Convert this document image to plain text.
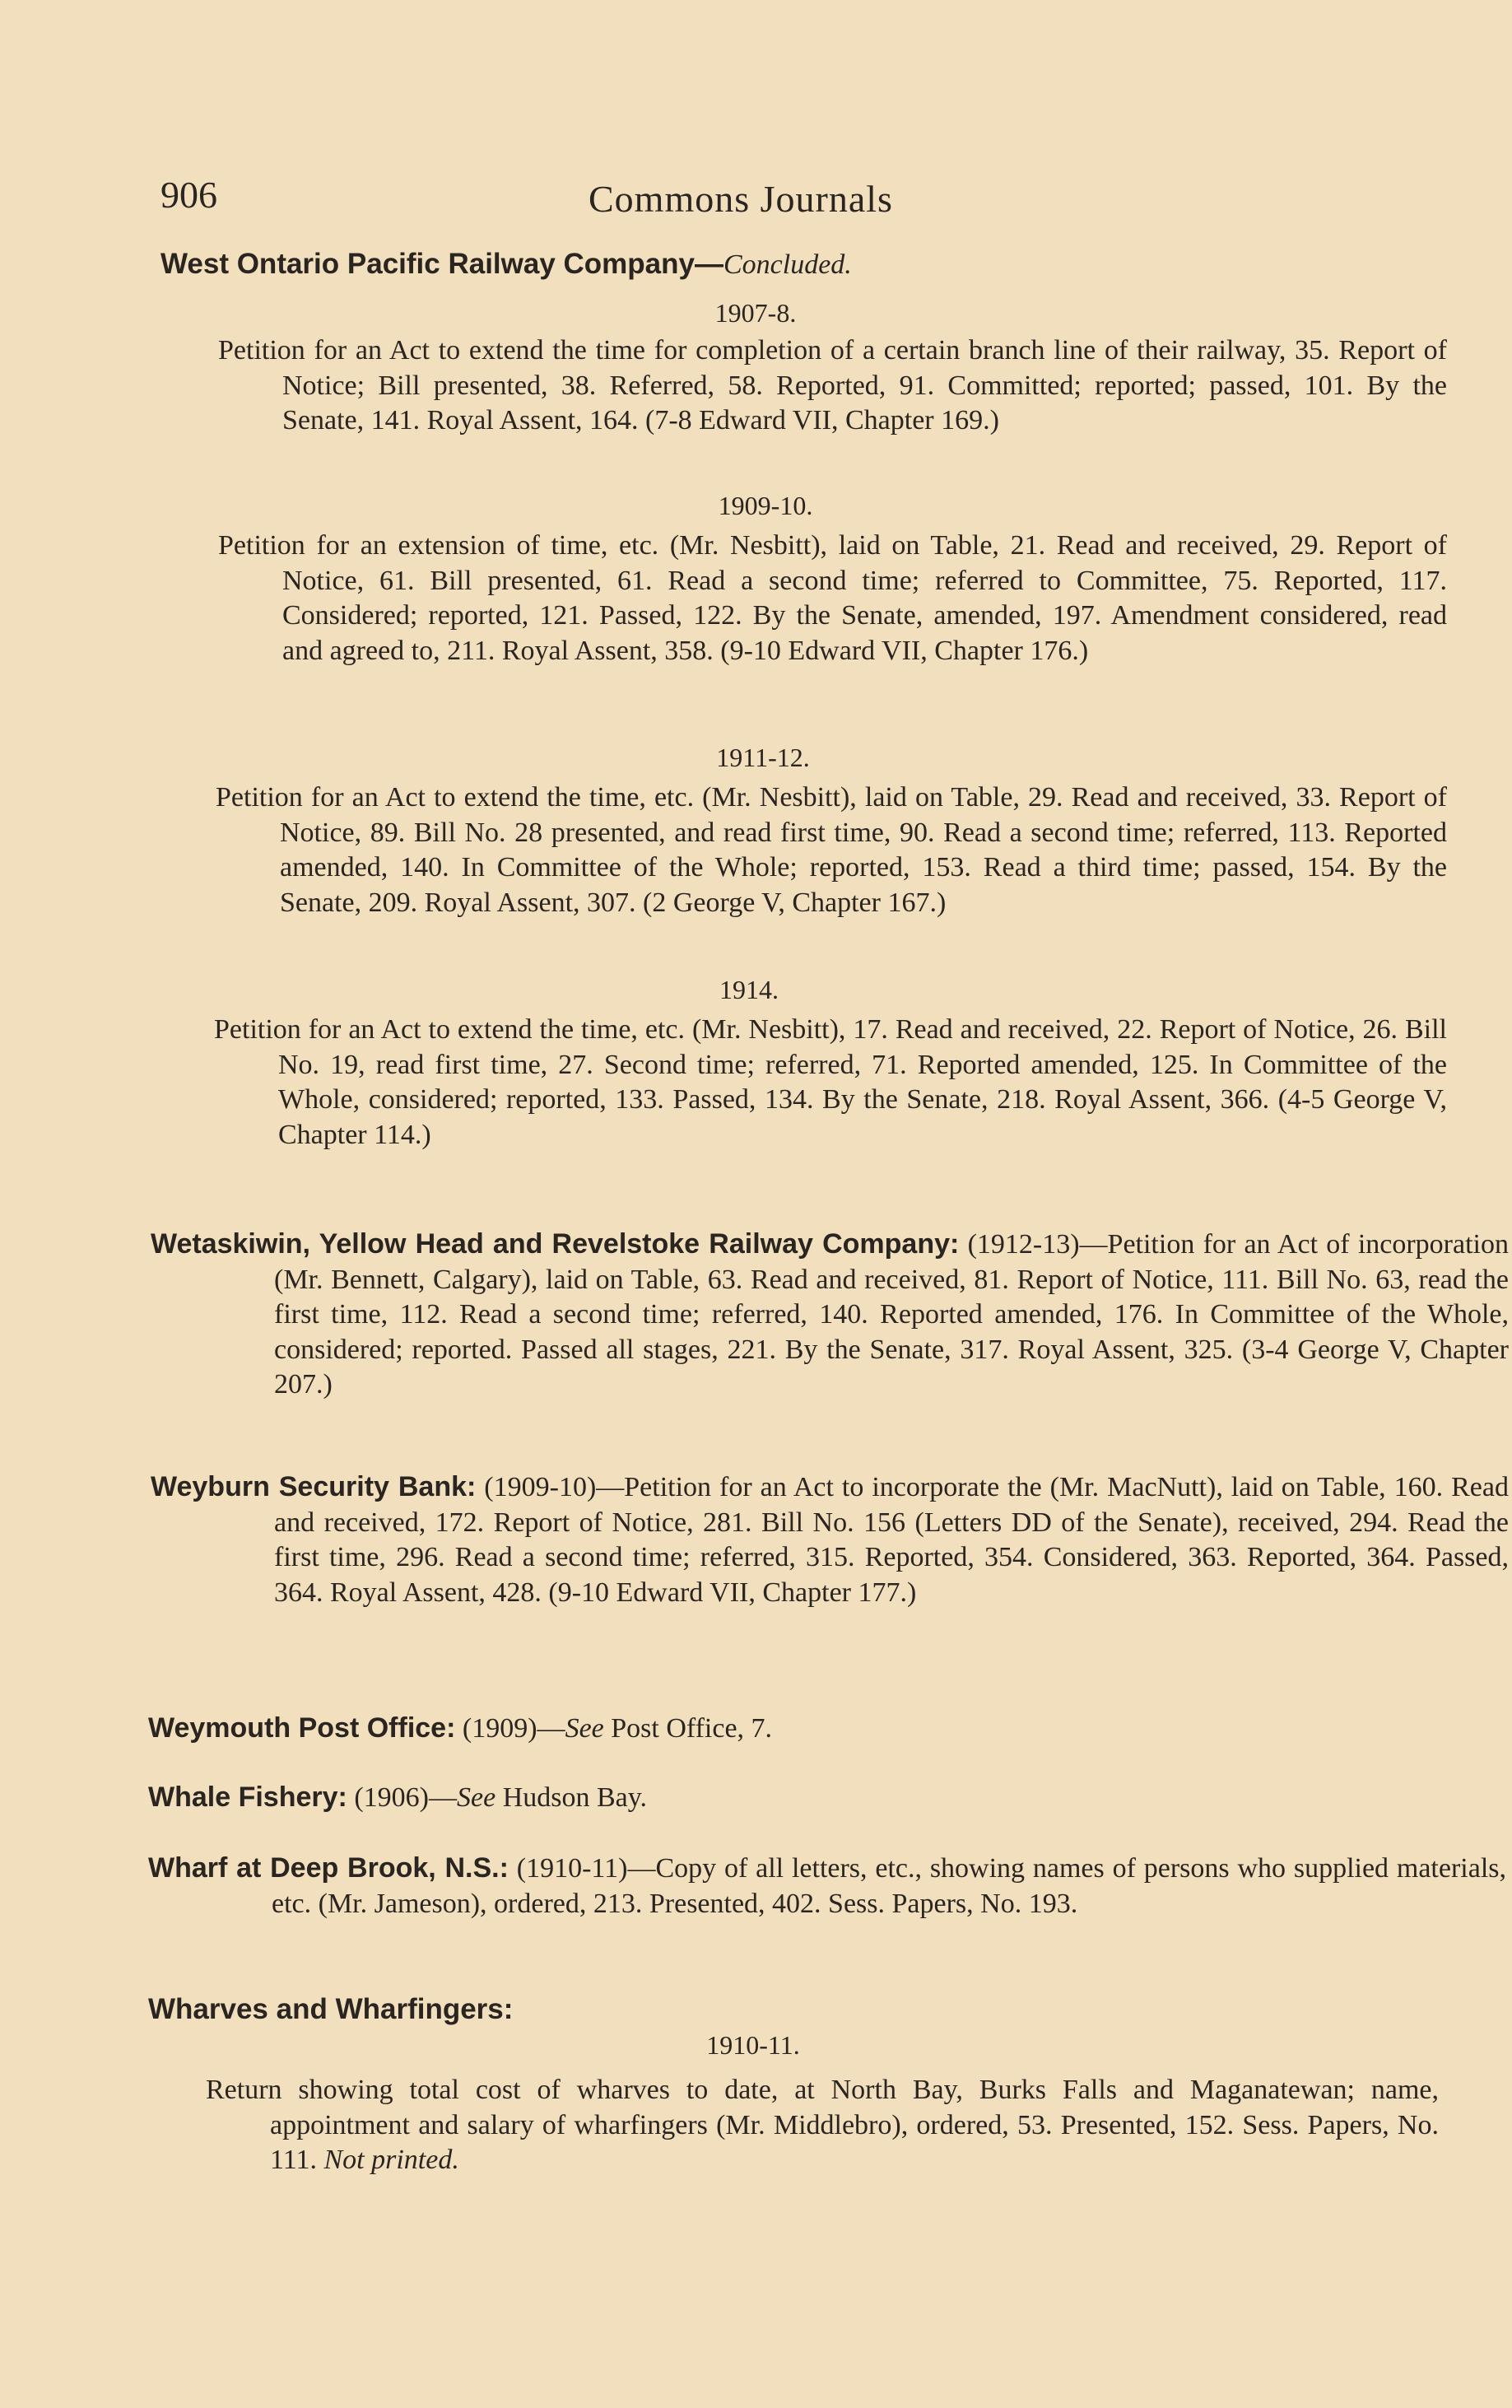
906	Commons Journals
West Ontario Pacific Railway Company—Concluded.
1907-8.
Petition for an Act to extend the time for completion of a certain branch line of their railway, 35. Report of Notice; Bill presented, 38. Referred, 58. Reported, 91. Committed; reported; passed, 101. By the Senate, 141. Royal Assent, 164. (7-8 Edward VII, Chapter 169.)
1909-10.
Petition for an extension of time, etc. (Mr. Nesbitt), laid on Table, 21. Read and received, 29. Report of Notice, 61. Bill presented, 61. Read a second time; referred to Committee, 75. Reported, 117. Considered; reported, 121. Passed, 122. By the Senate, amended, 197. Amendment considered, read and agreed to, 211. Royal Assent, 358. (9-10 Edward VII, Chapter 176.)
1911-12.
Petition for an Act to extend the time, etc. (Mr. Nesbitt), laid on Table, 29. Read and received, 33. Report of Notice, 89. Bill No. 28 presented, and read first time, 90. Read a second time; referred, 113. Reported amended, 140. In Committee of the Whole; reported, 153. Read a third time; passed, 154. By the Senate, 209. Royal Assent, 307. (2 George V, Chapter 167.)
1914.
Petition for an Act to extend the time, etc. (Mr. Nesbitt), 17. Read and received, 22. Report of Notice, 26. Bill No. 19, read first time, 27. Second time; referred, 71. Reported amended, 125. In Committee of the Whole, considered; reported, 133. Passed, 134. By the Senate, 218. Royal Assent, 366. (4-5 George V, Chapter 114.)
Wetaskiwin, Yellow Head and Revelstoke Railway Company: (1912-13)—Petition for an Act of incorporation (Mr. Bennett, Calgary), laid on Table, 63. Read and received, 81. Report of Notice, 111. Bill No. 63, read the first time, 112. Read a second time; referred, 140. Reported amended, 176. In Committee of the Whole, considered; reported. Passed all stages, 221. By the Senate, 317. Royal Assent, 325. (3-4 George V, Chapter 207.)
Weyburn Security Bank: (1909-10)—Petition for an Act to incorporate the (Mr. MacNutt), laid on Table, 160. Read and received, 172. Report of Notice, 281. Bill No. 156 (Letters DD of the Senate), received, 294. Read the first time, 296. Read a second time; referred, 315. Reported, 354. Considered, 363. Reported, 364. Passed, 364. Royal Assent, 428. (9-10 Edward VII, Chapter 177.)
Weymouth Post Office: (1909)—See Post Office, 7.
Whale Fishery: (1906)—See Hudson Bay.
Wharf at Deep Brook, N.S.: (1910-11)—Copy of all letters, etc., showing names of persons who supplied materials, etc. (Mr. Jameson), ordered, 213. Presented, 402. Sess. Papers, No. 193.
Wharves and Wharfingers:
1910-11.
Return showing total cost of wharves to date, at North Bay, Burks Falls and Maganatewan; name, appointment and salary of wharfingers (Mr. Middlebro), ordered, 53. Presented, 152. Sess. Papers, No. 111. Not printed.
